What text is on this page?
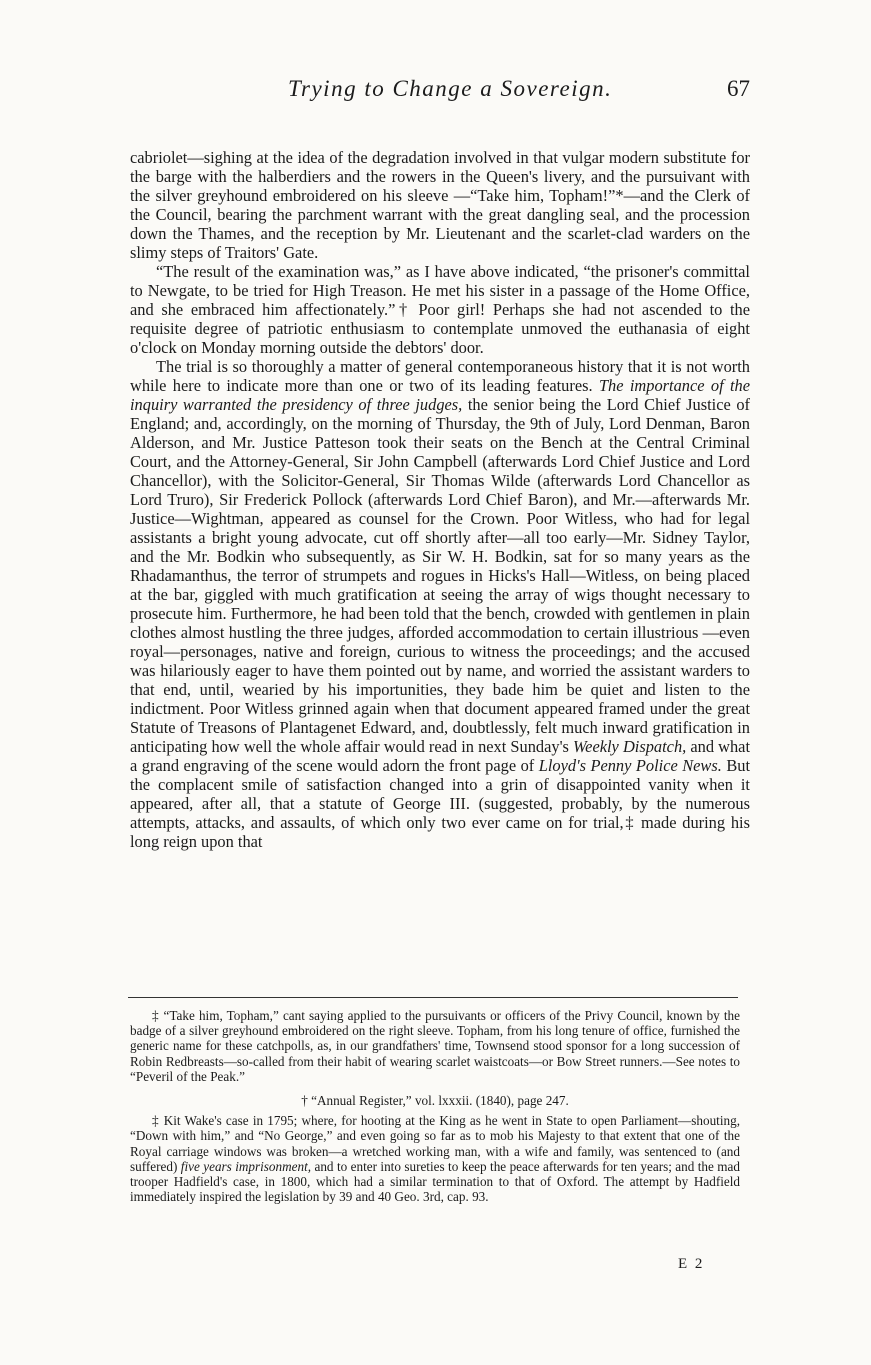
Trying to Change a Sovereign.	67

cabriolet—sighing at the idea of the degradation involved in that vulgar modern substitute for the barge with the halberdiers and the rowers in the Queen's livery, and the pursuivant with the silver greyhound embroidered on his sleeve —“Take him, Topham!”*—and the Clerk of the Council, bearing the parchment warrant with the great dangling seal, and the procession down the Thames, and the reception by Mr. Lieutenant and the scarlet-clad warders on the slimy steps of Traitors' Gate.

“The result of the examination was,” as I have above indicated, “the prisoner's committal to Newgate, to be tried for High Treason. He met his sister in a passage of the Home Office, and she embraced him affectionately.”† Poor girl! Perhaps she had not ascended to the requisite degree of patriotic enthusiasm to contemplate unmoved the euthanasia of eight o'clock on Monday morning outside the debtors' door.

The trial is so thoroughly a matter of general contemporaneous history that it is not worth while here to indicate more than one or two of its leading features. The importance of the inquiry warranted the presidency of three judges, the senior being the Lord Chief Justice of England; and, accordingly, on the morning of Thursday, the 9th of July, Lord Denman, Baron Alderson, and Mr. Justice Patteson took their seats on the Bench at the Central Criminal Court, and the Attorney-General, Sir John Campbell (afterwards Lord Chief Justice and Lord Chancellor), with the Solicitor-General, Sir Thomas Wilde (afterwards Lord Chancellor as Lord Truro), Sir Frederick Pollock (afterwards Lord Chief Baron), and Mr.—afterwards Mr. Justice—Wightman, appeared as counsel for the Crown. Poor Witless, who had for legal assistants a bright young advocate, cut off shortly after—all too early—Mr. Sidney Taylor, and the Mr. Bodkin who subsequently, as Sir W. H. Bodkin, sat for so many years as the Rhadamanthus, the terror of strumpets and rogues in Hicks's Hall—Witless, on being placed at the bar, giggled with much gratification at seeing the array of wigs thought necessary to prosecute him. Furthermore, he had been told that the bench, crowded with gentlemen in plain clothes almost hustling the three judges, afforded accommodation to certain illustrious —even royal—personages, native and foreign, curious to witness the proceedings; and the accused was hilariously eager to have them pointed out by name, and worried the assistant warders to that end, until, wearied by his importunities, they bade him be quiet and listen to the indictment. Poor Witless grinned again when that document appeared framed under the great Statute of Treasons of Plantagenet Edward, and, doubtlessly, felt much inward gratification in anticipating how well the whole affair would read in next Sunday's Weekly Dispatch, and what a grand engraving of the scene would adorn the front page of Lloyd's Penny Police News. But the complacent smile of satisfaction changed into a grin of disappointed vanity when it appeared, after all, that a statute of George III. (suggested, probably, by the numerous attempts, attacks, and assaults, of which only two ever came on for trial,‡ made during his long reign upon that

‡ “Take him, Topham,” cant saying applied to the pursuivants or officers of the Privy Council, known by the badge of a silver greyhound embroidered on the right sleeve. Topham, from his long tenure of office, furnished the generic name for these catchpolls, as, in our grandfathers' time, Townsend stood sponsor for a long succession of Robin Redbreasts—so-called from their habit of wearing scarlet waistcoats—or Bow Street runners.—See notes to “Peveril of the Peak.”

† “Annual Register,” vol. lxxxii. (1840), page 247.

‡ Kit Wake's case in 1795; where, for hooting at the King as he went in State to open Parliament—shouting, “Down with him,” and “No George,” and even going so far as to mob his Majesty to that extent that one of the Royal carriage windows was broken—a wretched working man, with a wife and family, was sentenced to (and suffered) five years imprisonment, and to enter into sureties to keep the peace afterwards for ten years; and the mad trooper Hadfield's case, in 1800, which had a similar termination to that of Oxford. The attempt by Hadfield immediately inspired the legislation by 39 and 40 Geo. 3rd, cap. 93.

E 2
